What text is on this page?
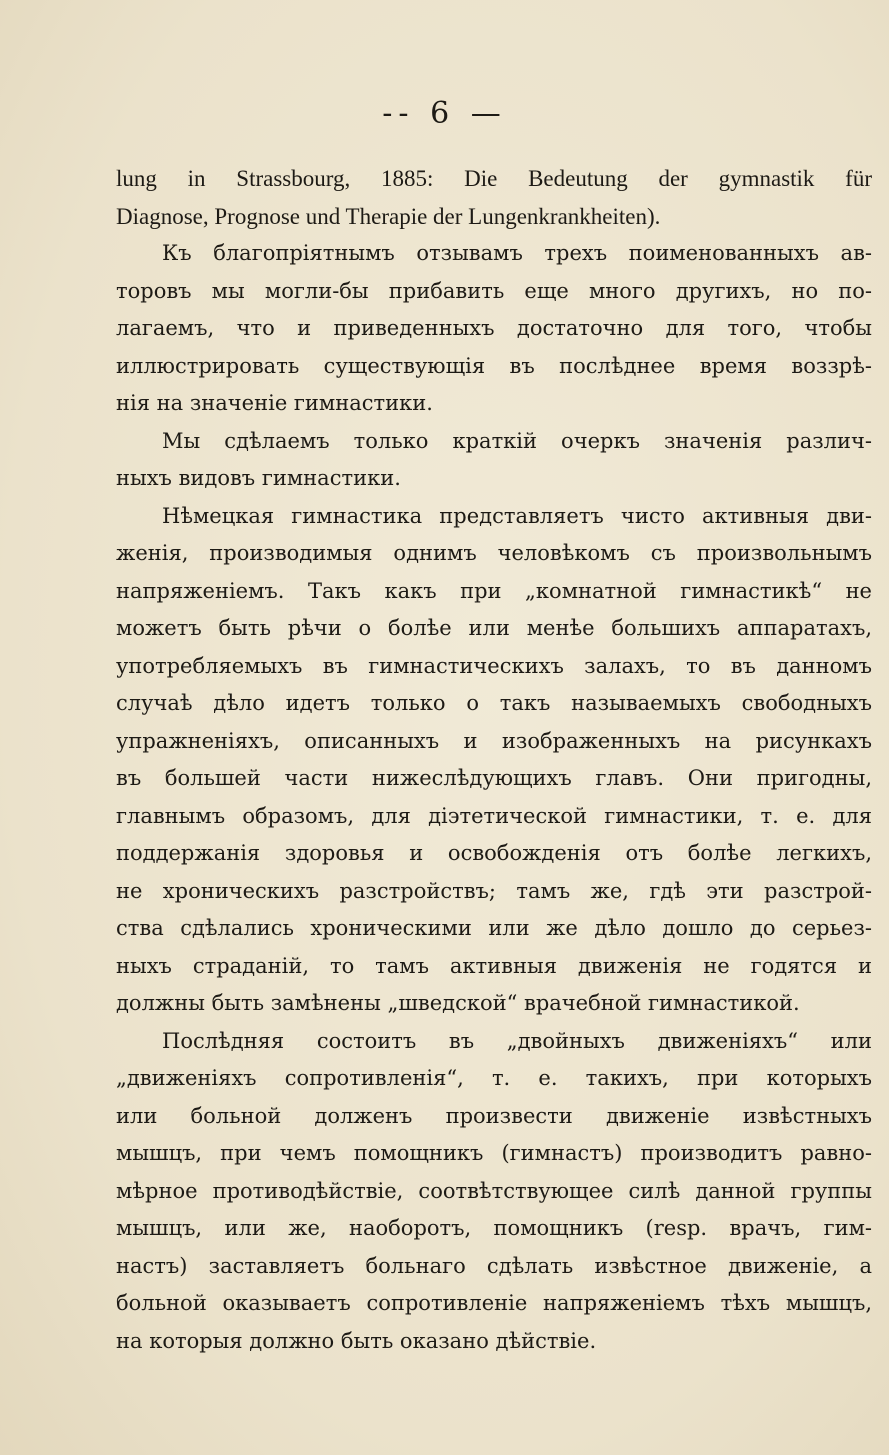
-- 6 —
lung in Strassbourg, 1885: Die Bedeutung der gymnastik für
Diagnose, Prognose und Therapie der Lungenkrankheiten).
Къ благопріятнымъ отзывамъ трехъ поименованныхъ ав-
торовъ мы могли-бы прибавить еще много другихъ, но по-
лагаемъ, что и приведенныхъ достаточно для того, чтобы
иллюстрировать существующія въ послѣднее время воззрѣ-
нія на значеніе гимнастики.
Мы сдѣлаемъ только краткій очеркъ значенія различ-
ныхъ видовъ гимнастики.
Нѣмецкая гимнастика представляетъ чисто активныя дви-
женія, производимыя однимъ человѣкомъ съ произвольнымъ
напряженіемъ. Такъ какъ при „комнатной гимнастикѣ“ не
можетъ быть рѣчи о болѣе или менѣе большихъ аппаратахъ,
употребляемыхъ въ гимнастическихъ залахъ, то въ данномъ
случаѣ дѣло идетъ только о такъ называемыхъ свободныхъ
упражненіяхъ, описанныхъ и изображенныхъ на рисункахъ
въ большей части нижеслѣдующихъ главъ. Они пригодны,
главнымъ образомъ, для діэтетической гимнастики, т. е. для
поддержанія здоровья и освобожденія отъ болѣе легкихъ,
не хроническихъ разстройствъ; тамъ же, гдѣ эти разстрой-
ства сдѣлались хроническими или же дѣло дошло до серьез-
ныхъ страданій, то тамъ активныя движенія не годятся и
должны быть замѣнены „шведской“ врачебной гимнастикой.
Послѣдняя состоитъ въ „двойныхъ движеніяхъ“ или
„движеніяхъ сопротивленія“, т. е. такихъ, при которыхъ
или больной долженъ произвести движеніе извѣстныхъ
мышцъ, при чемъ помощникъ (гимнастъ) производитъ равно-
мѣрное противодѣйствіе, соотвѣтствующее силѣ данной группы
мышцъ, или же, наоборотъ, помощникъ (resp. врачъ, гим-
настъ) заставляетъ больнаго сдѣлать извѣстное движеніе, а
больной оказываетъ сопротивленіе напряженіемъ тѣхъ мышцъ,
на которыя должно быть оказано дѣйствіе.
